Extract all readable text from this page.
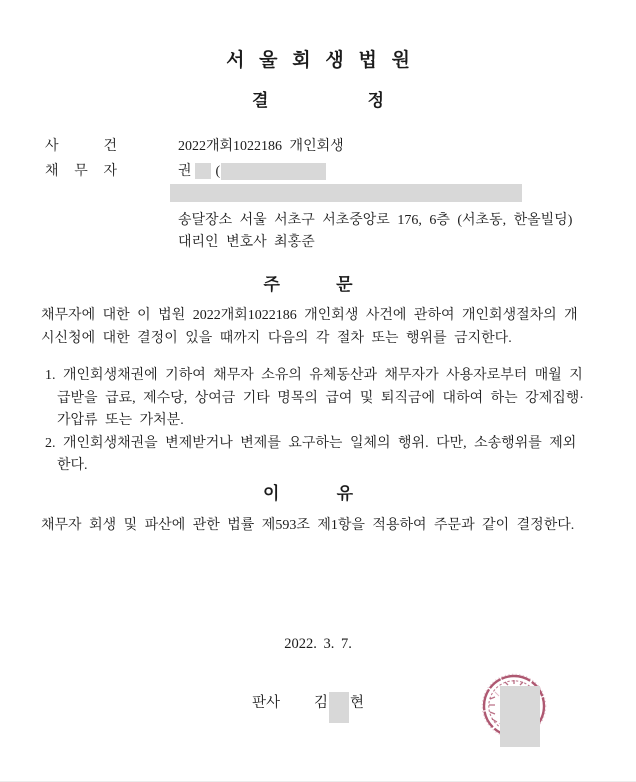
서 울 회 생 법 원
결 정
사	건	2022개회1022186 개인회생
채 무 자	권 (
송달장소 서울 서초구 서초중앙로 176, 6층 (서초동, 한올빌딩)
대리인 변호사 최홍준
주 문
채무자에 대한 이 법원 2022개회1022186 개인회생 사건에 관하여 개인회생절차의 개
시신청에 대한 결정이 있을 때까지 다음의 각 절차 또는 행위를 금지한다.
1. 개인회생채권에 기하여 채무자 소유의 유체동산과 채무자가 사용자로부터 매월 지
급받을 급료, 제수당, 상여금 기타 명목의 급여 및 퇴직금에 대하여 하는 강제집행·
가압류 또는 가처분.
2. 개인회생채권을 변제받거나 변제를 요구하는 일체의 행위. 다만, 소송행위를 제외
한다.
이 유
채무자 회생 및 파산에 관한 법률 제593조 제1항을 적용하여 주문과 같이 결정한다.
2022. 3. 7.
판사 김 현
